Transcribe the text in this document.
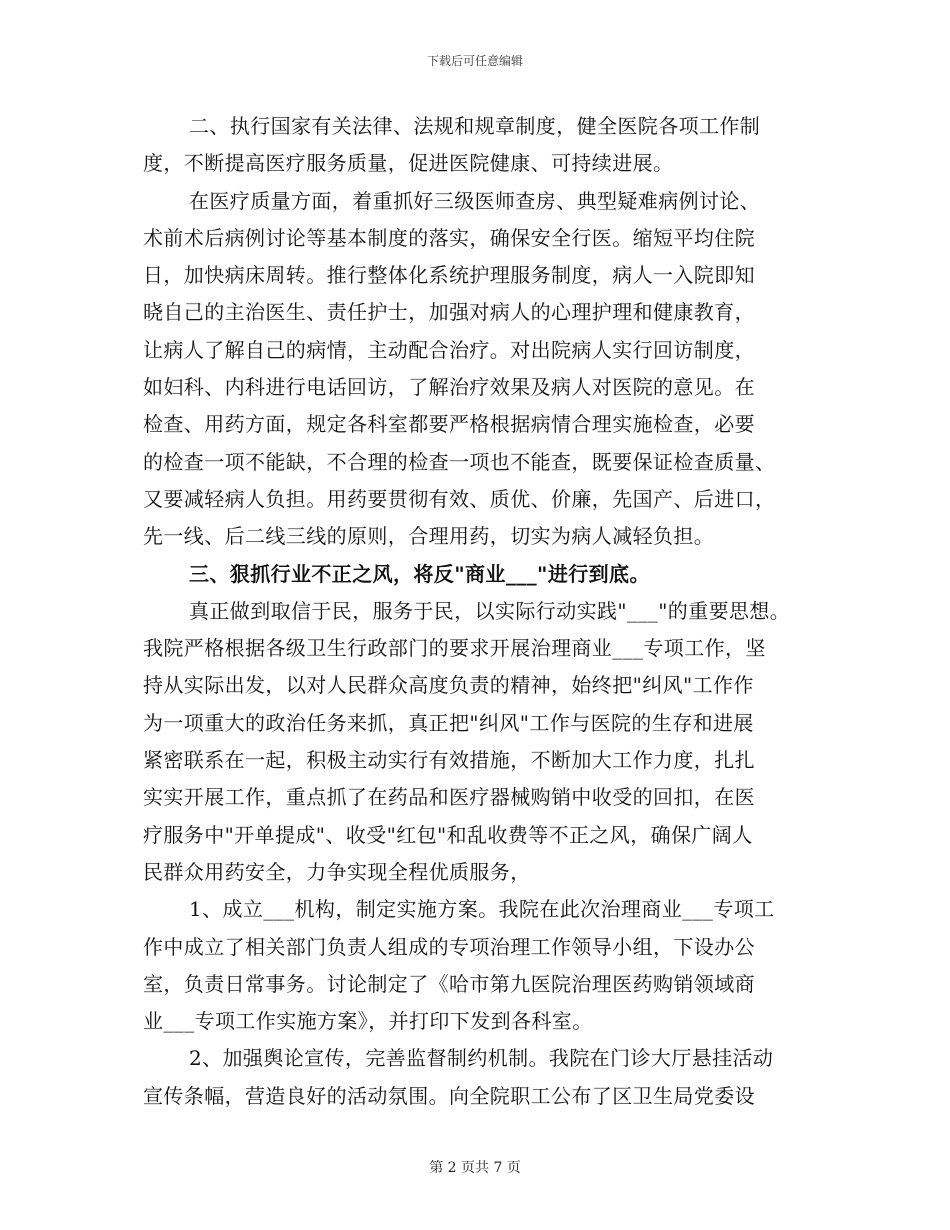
下载后可任意编辑
二、执行国家有关法律、法规和规章制度，健全医院各项工作制
度，不断提高医疗服务质量，促进医院健康、可持续进展。
在医疗质量方面，着重抓好三级医师查房、典型疑难病例讨论、
术前术后病例讨论等基本制度的落实，确保安全行医。缩短平均住院
日，加快病床周转。推行整体化系统护理服务制度，病人一入院即知
晓自己的主治医生、责任护士，加强对病人的心理护理和健康教育，
让病人了解自己的病情，主动配合治疗。对出院病人实行回访制度，
如妇科、内科进行电话回访，了解治疗效果及病人对医院的意见。在
检查、用药方面，规定各科室都要严格根据病情合理实施检查，必要
的检查一项不能缺，不合理的检查一项也不能查，既要保证检查质量、
又要减轻病人负担。用药要贯彻有效、质优、价廉，先国产、后进口，
先一线、后二线三线的原则，合理用药，切实为病人减轻负担。
三、狠抓行业不正之风，将反"商业___"进行到底。
真正做到取信于民，服务于民，以实际行动实践"___"的重要思想。
我院严格根据各级卫生行政部门的要求开展治理商业___专项工作，坚
持从实际出发，以对人民群众高度负责的精神，始终把"纠风"工作作
为一项重大的政治任务来抓，真正把"纠风"工作与医院的生存和进展
紧密联系在一起，积极主动实行有效措施，不断加大工作力度，扎扎
实实开展工作，重点抓了在药品和医疗器械购销中收受的回扣，在医
疗服务中"开单提成"、收受"红包"和乱收费等不正之风，确保广阔人
民群众用药安全，力争实现全程优质服务，
1、成立___机构，制定实施方案。我院在此次治理商业___专项工
作中成立了相关部门负责人组成的专项治理工作领导小组，下设办公
室，负责日常事务。讨论制定了《哈市第九医院治理医药购销领域商
业___专项工作实施方案》，并打印下发到各科室。
2、加强舆论宣传，完善监督制约机制。我院在门诊大厅悬挂活动
宣传条幅，营造良好的活动氛围。向全院职工公布了区卫生局党委设
第 2 页共 7 页
